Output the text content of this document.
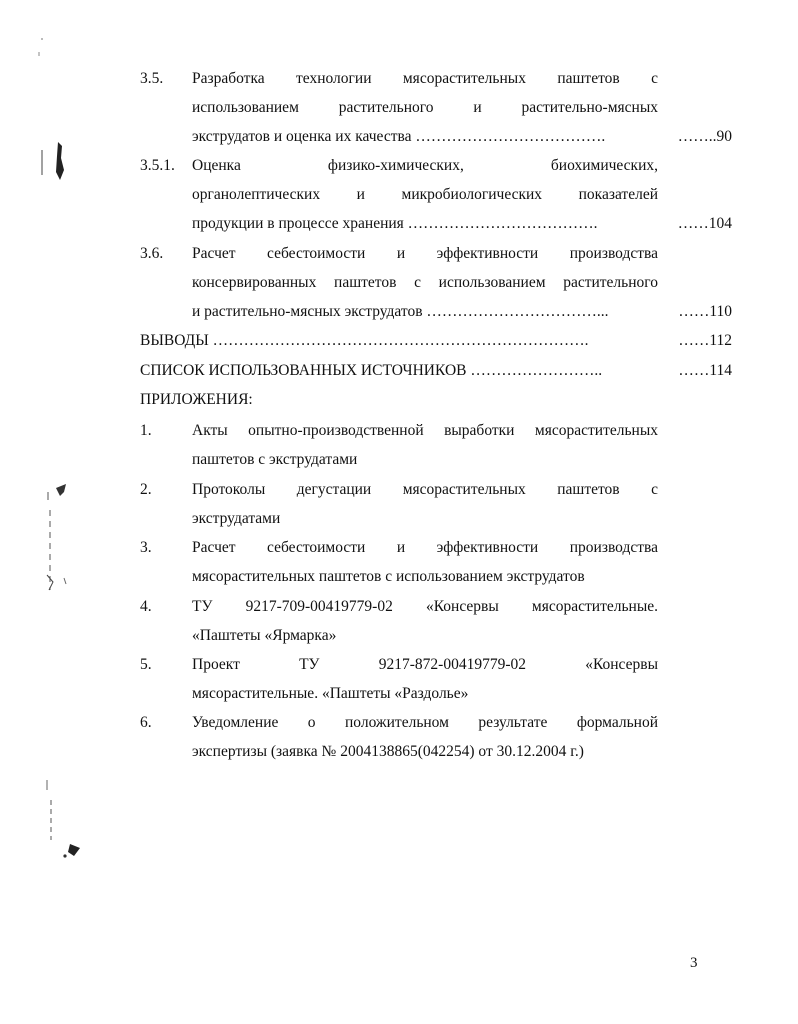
3.5.	Разработка технологии мясорастительных паштетов с
использованием растительного и растительно-мясных
экструдатов и оценка их качества ……………………………….	……..90
3.5.1.	Оценка физико-химических, биохимических,
органолептических и микробиологических показателей
продукции в процессе хранения ……………………………….	……104
3.6.	Расчет себестоимости и эффективности производства
консервированных паштетов с использованием растительного
и растительно-мясных экструдатов ……………………………...	……110
ВЫВОДЫ ……………………………………………………………….	……112
СПИСОК ИСПОЛЬЗОВАННЫХ ИСТОЧНИКОВ ……………………..	……114
ПРИЛОЖЕНИЯ:
1.	Акты опытно-производственной выработки мясорастительных
паштетов с экструдатами
2.	Протоколы дегустации мясорастительных паштетов с
экструдатами
3.	Расчет себестоимости и эффективности производства
мясорастительных паштетов с использованием экструдатов
4.	ТУ 9217-709-00419779-02 «Консервы мясорастительные.
«Паштеты «Ярмарка»
5.	Проект ТУ 9217-872-00419779-02 «Консервы
мясорастительные. «Паштеты «Раздолье»
6.	Уведомление о положительном результате формальной
экспертизы (заявка № 2004138865(042254) от 30.12.2004 г.)
3
